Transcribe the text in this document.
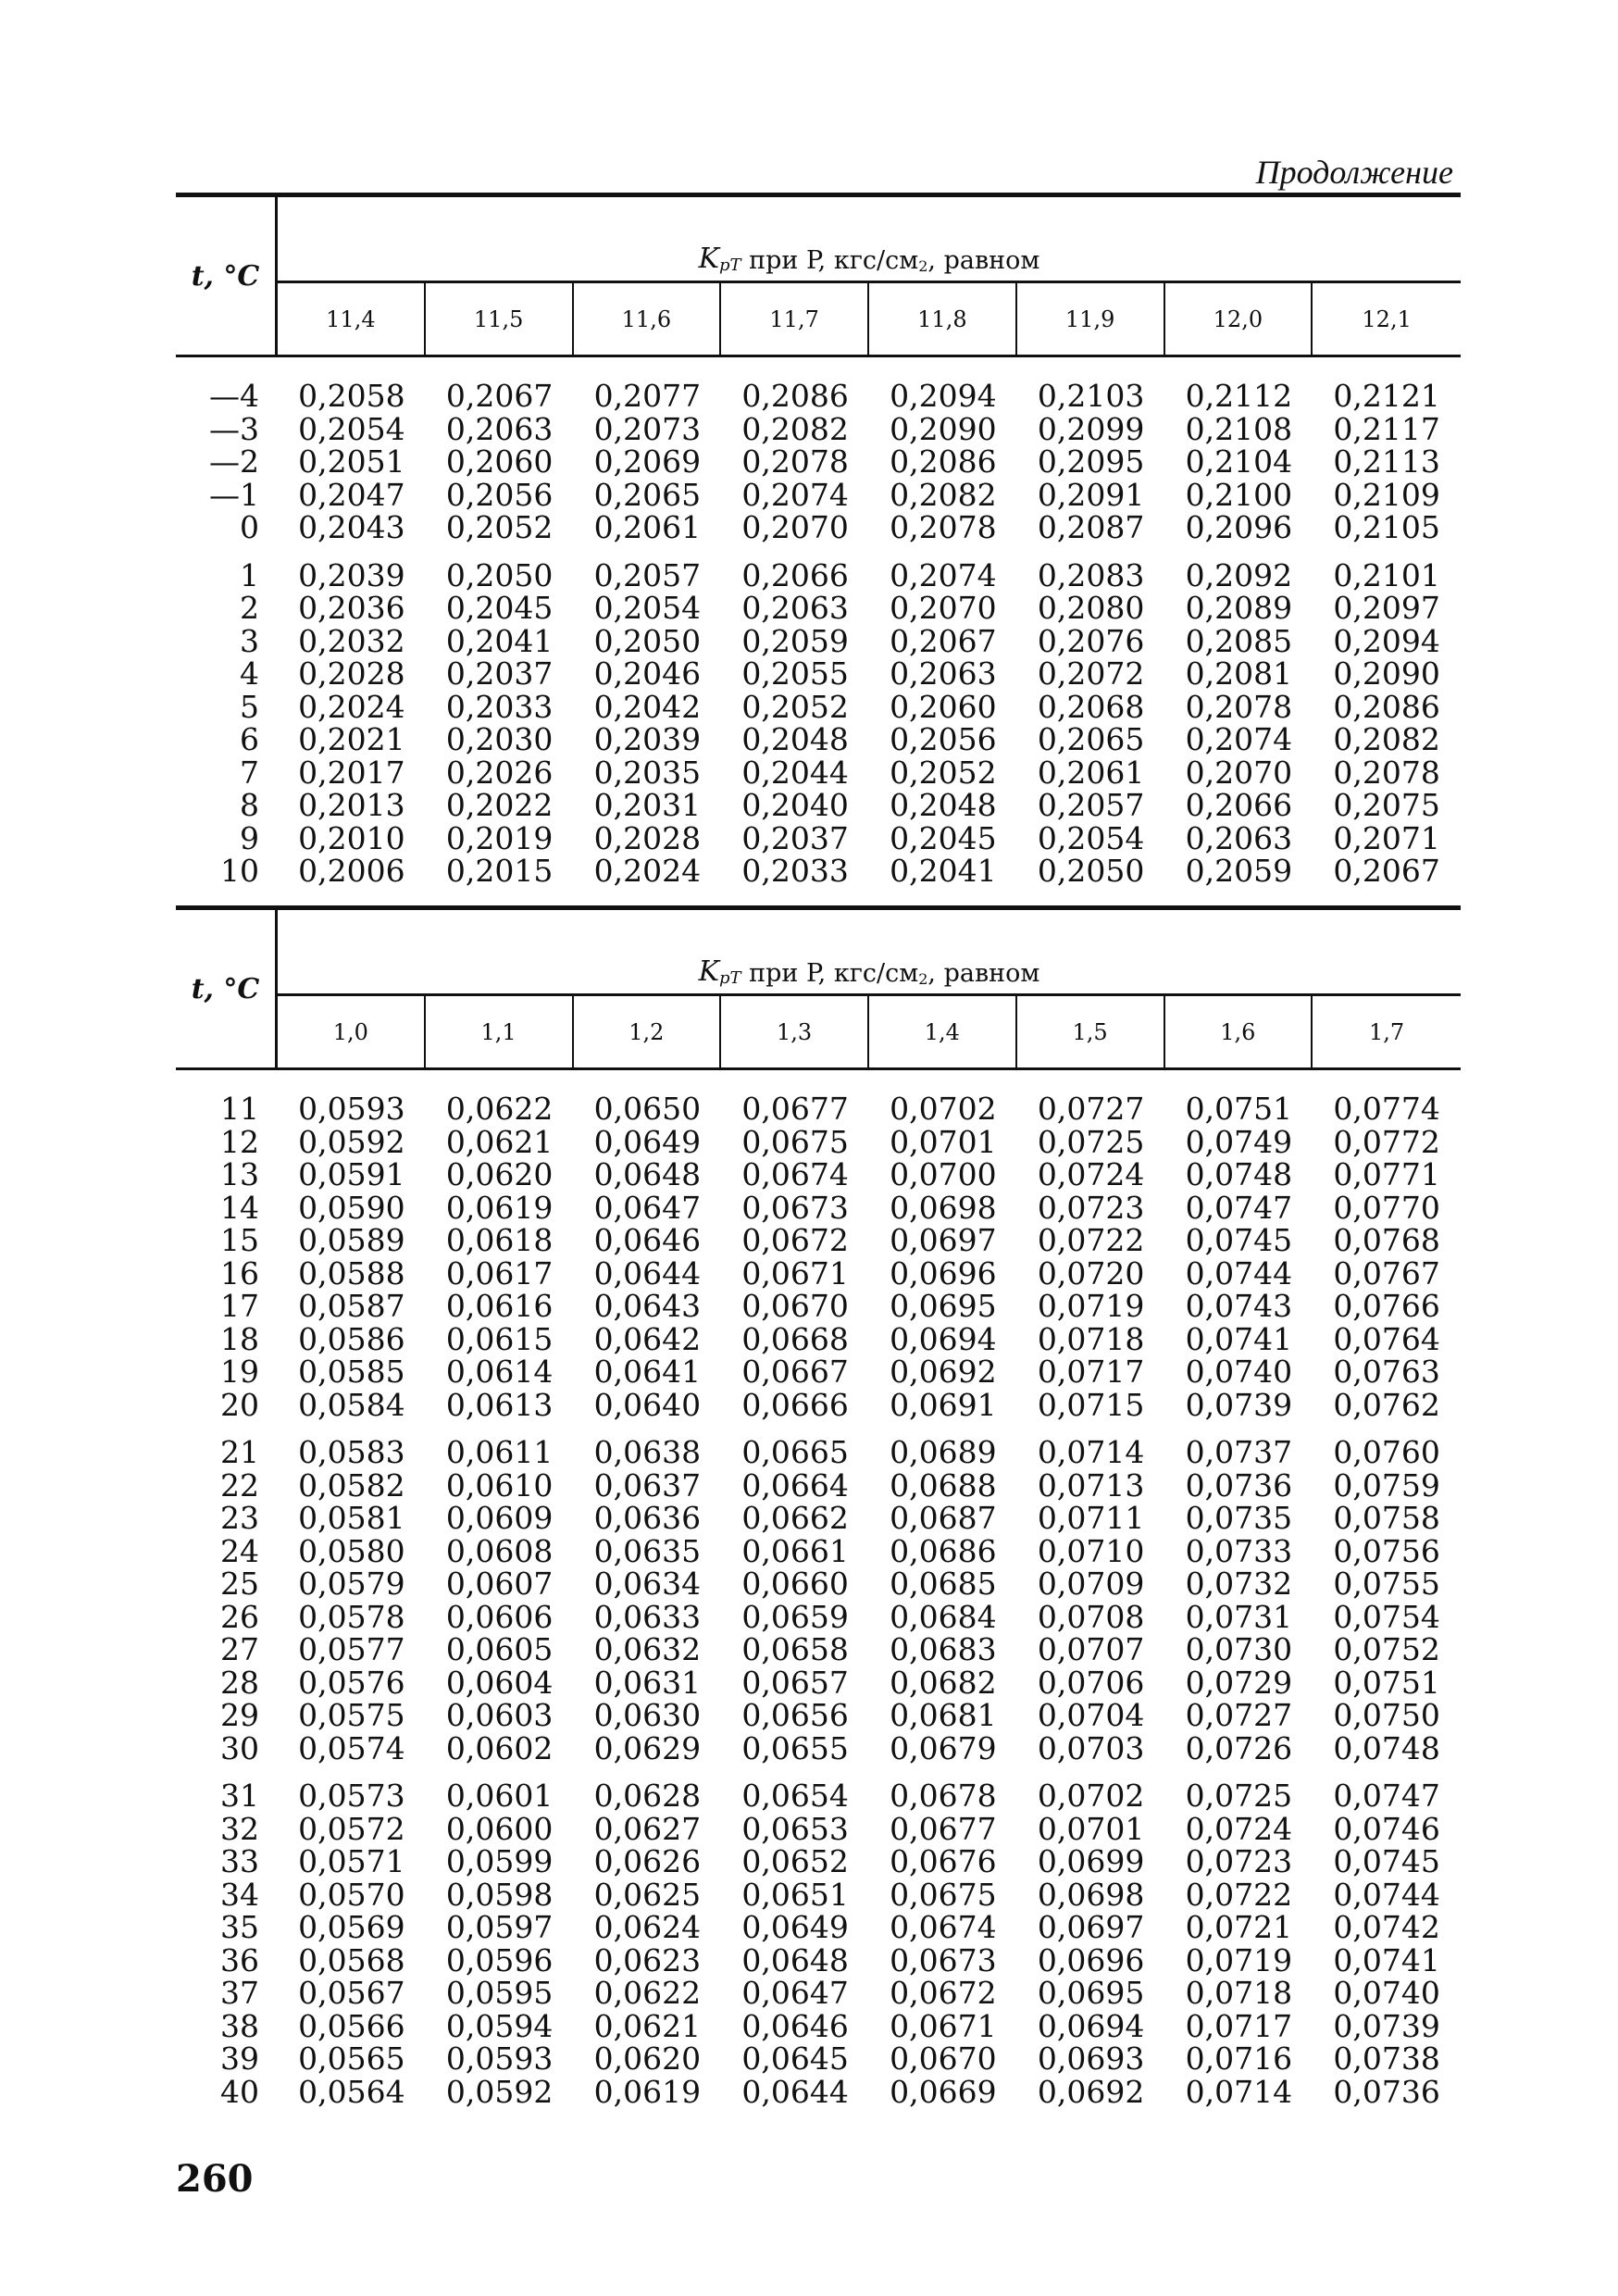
Продолжение
t, °C
$K_{pT}$
при P, кгс/$см_2$ , равном
11,4	11,5	11,6	11,7	11,8	11,9	12,0	12,1
—4	0,2058	0,2067	0,2077	0,2086	0,2094	0,2103	0,2112	0,2121
—3	0,2054	0,2063	0,2073	0,2082	0,2090	0,2099	0,2108	0,2117
—2	0,2051	0,2060	0,2069	0,2078	0,2086	0,2095	0,2104	0,2113
—1	0,2047	0,2056	0,2065	0,2074	0,2082	0,2091	0,2100	0,2109
0	0,2043	0,2052	0,2061	0,2070	0,2078	0,2087	0,2096	0,2105
1	0,2039	0,2050	0,2057	0,2066	0,2074	0,2083	0,2092	0,2101
2	0,2036	0,2045	0,2054	0,2063	0,2070	0,2080	0,2089	0,2097
3	0,2032	0,2041	0,2050	0,2059	0,2067	0,2076	0,2085	0,2094
4	0,2028	0,2037	0,2046	0,2055	0,2063	0,2072	0,2081	0,2090
5	0,2024	0,2033	0,2042	0,2052	0,2060	0,2068	0,2078	0,2086
6	0,2021	0,2030	0,2039	0,2048	0,2056	0,2065	0,2074	0,2082
7	0,2017	0,2026	0,2035	0,2044	0,2052	0,2061	0,2070	0,2078
8	0,2013	0,2022	0,2031	0,2040	0,2048	0,2057	0,2066	0,2075
9	0,2010	0,2019	0,2028	0,2037	0,2045	0,2054	0,2063	0,2071
10	0,2006	0,2015	0,2024	0,2033	0,2041	0,2050	0,2059	0,2067
t, °C
$K_{pT}$
при P, кгс/$см_2$ , равном
1,0	1,1	1,2	1,3	1,4	1,5	1,6	1,7
11	0,0593	0,0622	0,0650	0,0677	0,0702	0,0727	0,0751	0,0774
12	0,0592	0,0621	0,0649	0,0675	0,0701	0,0725	0,0749	0,0772
13	0,0591	0,0620	0,0648	0,0674	0,0700	0,0724	0,0748	0,0771
14	0,0590	0,0619	0,0647	0,0673	0,0698	0,0723	0,0747	0,0770
15	0,0589	0,0618	0,0646	0,0672	0,0697	0,0722	0,0745	0,0768
16	0,0588	0,0617	0,0644	0,0671	0,0696	0,0720	0,0744	0,0767
17	0,0587	0,0616	0,0643	0,0670	0,0695	0,0719	0,0743	0,0766
18	0,0586	0,0615	0,0642	0,0668	0,0694	0,0718	0,0741	0,0764
19	0,0585	0,0614	0,0641	0,0667	0,0692	0,0717	0,0740	0,0763
20	0,0584	0,0613	0,0640	0,0666	0,0691	0,0715	0,0739	0,0762
21	0,0583	0,0611	0,0638	0,0665	0,0689	0,0714	0,0737	0,0760
22	0,0582	0,0610	0,0637	0,0664	0,0688	0,0713	0,0736	0,0759
23	0,0581	0,0609	0,0636	0,0662	0,0687	0,0711	0,0735	0,0758
24	0,0580	0,0608	0,0635	0,0661	0,0686	0,0710	0,0733	0,0756
25	0,0579	0,0607	0,0634	0,0660	0,0685	0,0709	0,0732	0,0755
26	0,0578	0,0606	0,0633	0,0659	0,0684	0,0708	0,0731	0,0754
27	0,0577	0,0605	0,0632	0,0658	0,0683	0,0707	0,0730	0,0752
28	0,0576	0,0604	0,0631	0,0657	0,0682	0,0706	0,0729	0,0751
29	0,0575	0,0603	0,0630	0,0656	0,0681	0,0704	0,0727	0,0750
30	0,0574	0,0602	0,0629	0,0655	0,0679	0,0703	0,0726	0,0748
31	0,0573	0,0601	0,0628	0,0654	0,0678	0,0702	0,0725	0,0747
32	0,0572	0,0600	0,0627	0,0653	0,0677	0,0701	0,0724	0,0746
33	0,0571	0,0599	0,0626	0,0652	0,0676	0,0699	0,0723	0,0745
34	0,0570	0,0598	0,0625	0,0651	0,0675	0,0698	0,0722	0,0744
35	0,0569	0,0597	0,0624	0,0649	0,0674	0,0697	0,0721	0,0742
36	0,0568	0,0596	0,0623	0,0648	0,0673	0,0696	0,0719	0,0741
37	0,0567	0,0595	0,0622	0,0647	0,0672	0,0695	0,0718	0,0740
38	0,0566	0,0594	0,0621	0,0646	0,0671	0,0694	0,0717	0,0739
39	0,0565	0,0593	0,0620	0,0645	0,0670	0,0693	0,0716	0,0738
40	0,0564	0,0592	0,0619	0,0644	0,0669	0,0692	0,0714	0,0736
260
